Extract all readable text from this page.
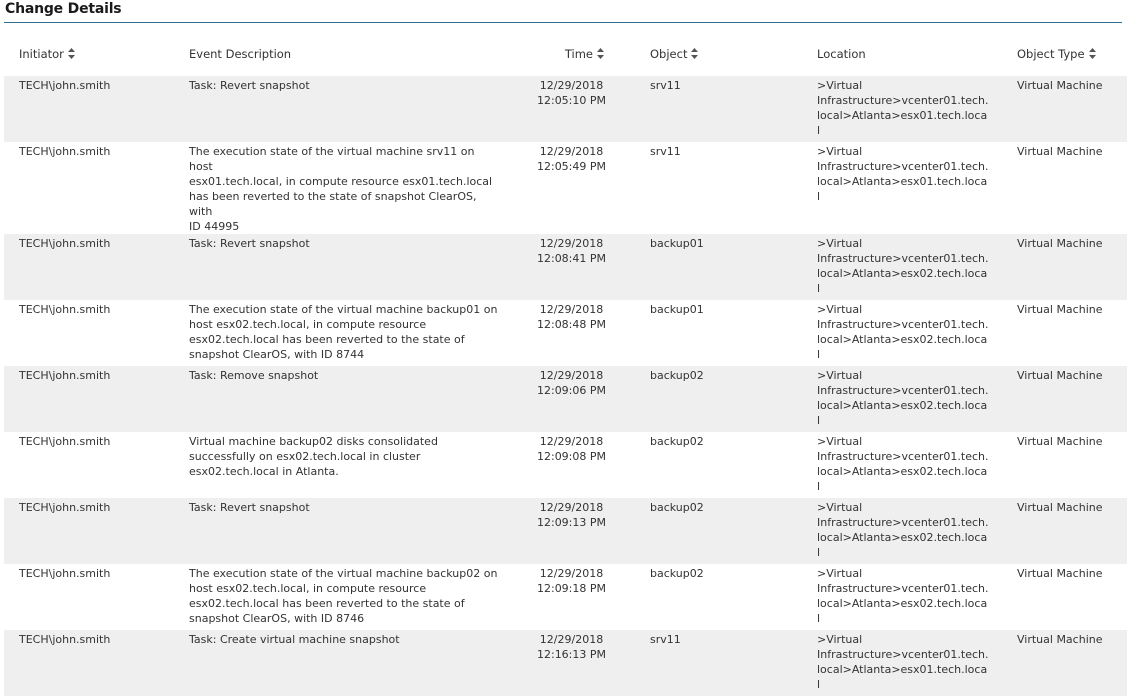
Change Details
Initiator	Event Description	Time	Object	Location	Object Type

TECH\john.smith	Task: Revert snapshot	12/29/2018
12:05:10 PM	srv11	>Virtual
Infrastructure>vcenter01.tech.
local>Atlanta>esx01.tech.loca
l	Virtual Machine

TECH\john.smith	The execution state of the virtual machine srv11 on host
esx01.tech.local, in compute resource esx01.tech.local
has been reverted to the state of snapshot ClearOS, with
ID 44995	12/29/2018
12:05:49 PM	srv11	>Virtual
Infrastructure>vcenter01.tech.
local>Atlanta>esx01.tech.loca
l	Virtual Machine

TECH\john.smith	Task: Revert snapshot	12/29/2018
12:08:41 PM	backup01	>Virtual
Infrastructure>vcenter01.tech.
local>Atlanta>esx02.tech.loca
l	Virtual Machine

TECH\john.smith	The execution state of the virtual machine backup01 on
host esx02.tech.local, in compute resource
esx02.tech.local has been reverted to the state of
snapshot ClearOS, with ID 8744	12/29/2018
12:08:48 PM	backup01	>Virtual
Infrastructure>vcenter01.tech.
local>Atlanta>esx02.tech.loca
l	Virtual Machine

TECH\john.smith	Task: Remove snapshot	12/29/2018
12:09:06 PM	backup02	>Virtual
Infrastructure>vcenter01.tech.
local>Atlanta>esx02.tech.loca
l	Virtual Machine

TECH\john.smith	Virtual machine backup02 disks consolidated
successfully on esx02.tech.local in cluster
esx02.tech.local in Atlanta.	12/29/2018
12:09:08 PM	backup02	>Virtual
Infrastructure>vcenter01.tech.
local>Atlanta>esx02.tech.loca
l	Virtual Machine

TECH\john.smith	Task: Revert snapshot	12/29/2018
12:09:13 PM	backup02	>Virtual
Infrastructure>vcenter01.tech.
local>Atlanta>esx02.tech.loca
l	Virtual Machine

TECH\john.smith	The execution state of the virtual machine backup02 on
host esx02.tech.local, in compute resource
esx02.tech.local has been reverted to the state of
snapshot ClearOS, with ID 8746	12/29/2018
12:09:18 PM	backup02	>Virtual
Infrastructure>vcenter01.tech.
local>Atlanta>esx02.tech.loca
l	Virtual Machine

TECH\john.smith	Task: Create virtual machine snapshot	12/29/2018
12:16:13 PM	srv11	>Virtual
Infrastructure>vcenter01.tech.
local>Atlanta>esx01.tech.loca
l	Virtual Machine
